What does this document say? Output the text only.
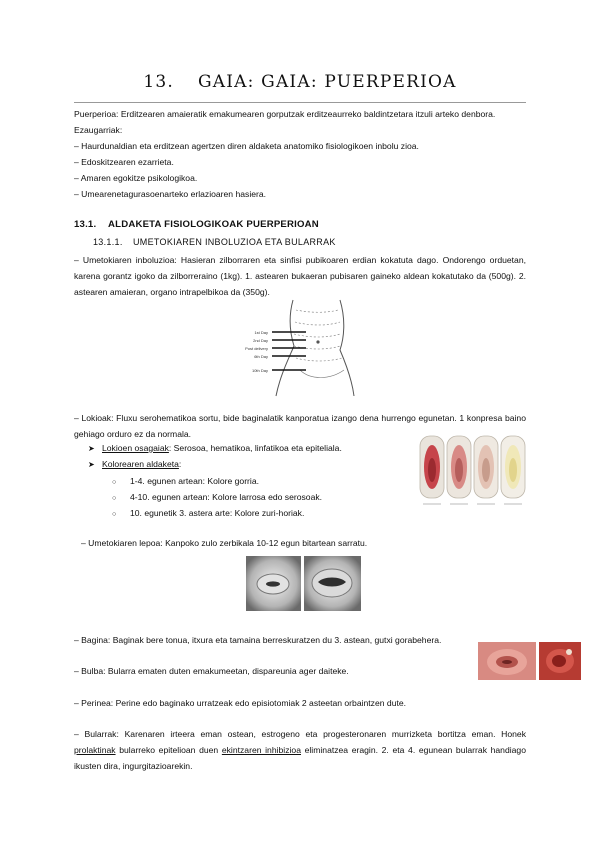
13. GAIA: GAIA: PUERPERIOA
Puerperioa: Erditzearen amaieratik emakumearen gorputzak erditzeaurreko baldintzetara itzuli arteko denbora.
Ezaugarriak:
– Haurdunaldian eta erditzean agertzen diren aldaketa anatomiko fisiologikoen inbolu zioa.
– Edoskitzearen ezarrieta.
– Amaren egokitze psikologikoa.
– Umearenetagurasoenarteko erlazioaren hasiera.
13.1. ALDAKETA FISIOLOGIKOAK PUERPERIOAN
13.1.1. UMETOKIAREN INBOLUZIOA ETA BULARRAK
– Umetokiaren inboluzioa: Hasieran zilborraren eta sinfisi pubikoaren erdian kokatuta dago. Ondorengo orduetan, karena gorantz igoko da zilborreraino (1kg). 1. astearen bukaeran pubisaren gaineko aldean kokatutako da (500g). 2. astearen amaieran, organo intrapelbikoa da (350g).
1st Day
2nd Day
Post delivery
6th Day
10th Day
– Lokioak: Fluxu serohematikoa sortu, bide baginalatik kanporatua izango dena hurrengo egunetan. 1 konpresa baino gehiago orduro ez da normala.
➤ Lokioen osagaiak: Serosoa, hematikoa, linfatikoa eta epiteliala.
➤ Kolorearen aldaketa:
○ 1-4. egunen artean: Kolore gorria.
○ 4-10. egunen artean: Kolore larrosa edo serosoak.
○ 10. egunetik 3. astera arte: Kolore zuri-horiak.
– Umetokiaren lepoa: Kanpoko zulo zerbikala 10-12 egun bitartean sarratu.
– Bagina: Baginak bere tonua, itxura eta tamaina berreskuratzen du 3. astean, gutxi gorabehera.
– Bulba: Bularra ematen duten emakumeetan, dispareunia ager daiteke.
– Perinea: Perine edo baginako urratzeak edo episiotomiak 2 asteetan orbaintzen dute.
– Bularrak: Karenaren irteera eman ostean, estrogeno eta progesteronaren murrizketa bortitza eman. Honek prolaktinak bularreko epitelioan duen ekintzaren inhibizioa eliminatzea eragin. 2. eta 4. egunean bularrak handiago ikusten dira, ingurgitazioarekin.
